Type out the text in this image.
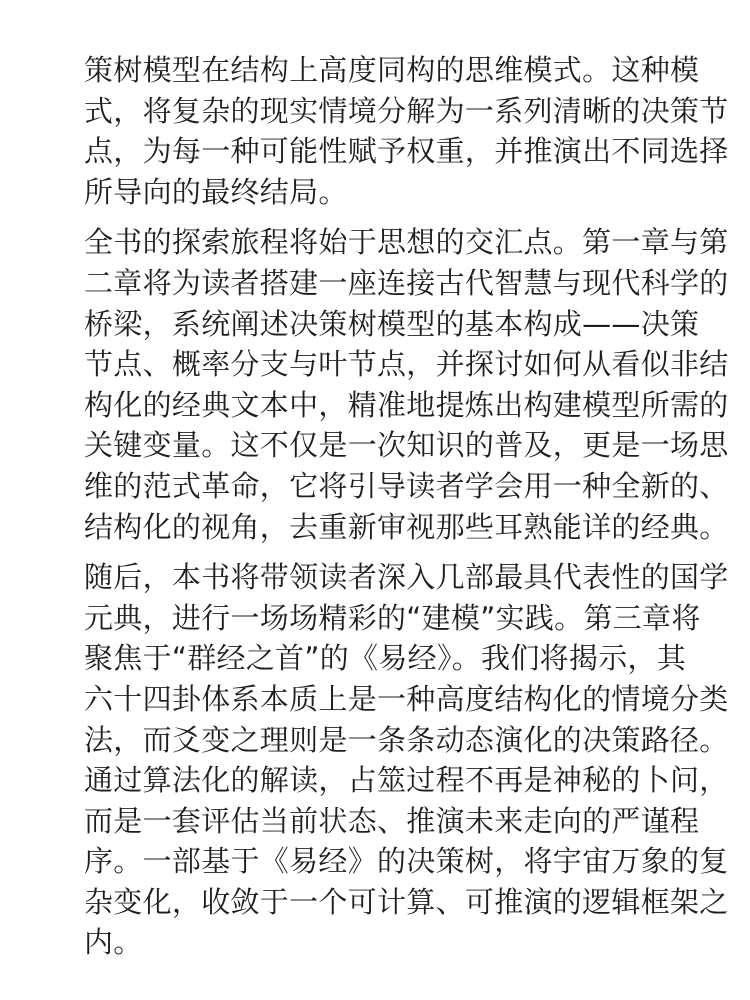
策树模型在结构上高度同构的思维模式。这种模
式，将复杂的现实情境分解为一系列清晰的决策节
点，为每一种可能性赋予权重，并推演出不同选择
所导向的最终结局。

全书的探索旅程将始于思想的交汇点。第一章与第
二章将为读者搭建一座连接古代智慧与现代科学的
桥梁，系统阐述决策树模型的基本构成——决策
节点、概率分支与叶节点，并探讨如何从看似非结
构化的经典文本中，精准地提炼出构建模型所需的
关键变量。这不仅是一次知识的普及，更是一场思
维的范式革命，它将引导读者学会用一种全新的、
结构化的视角，去重新审视那些耳熟能详的经典。

随后，本书将带领读者深入几部最具代表性的国学
元典，进行一场场精彩的“建模”实践。第三章将
聚焦于“群经之首”的《易经》。我们将揭示，其
六十四卦体系本质上是一种高度结构化的情境分类
法，而爻变之理则是一条条动态演化的决策路径。
通过算法化的解读，占筮过程不再是神秘的卜问，
而是一套评估当前状态、推演未来走向的严谨程
序。一部基于《易经》的决策树，将宇宙万象的复
杂变化，收敛于一个可计算、可推演的逻辑框架之
内。
